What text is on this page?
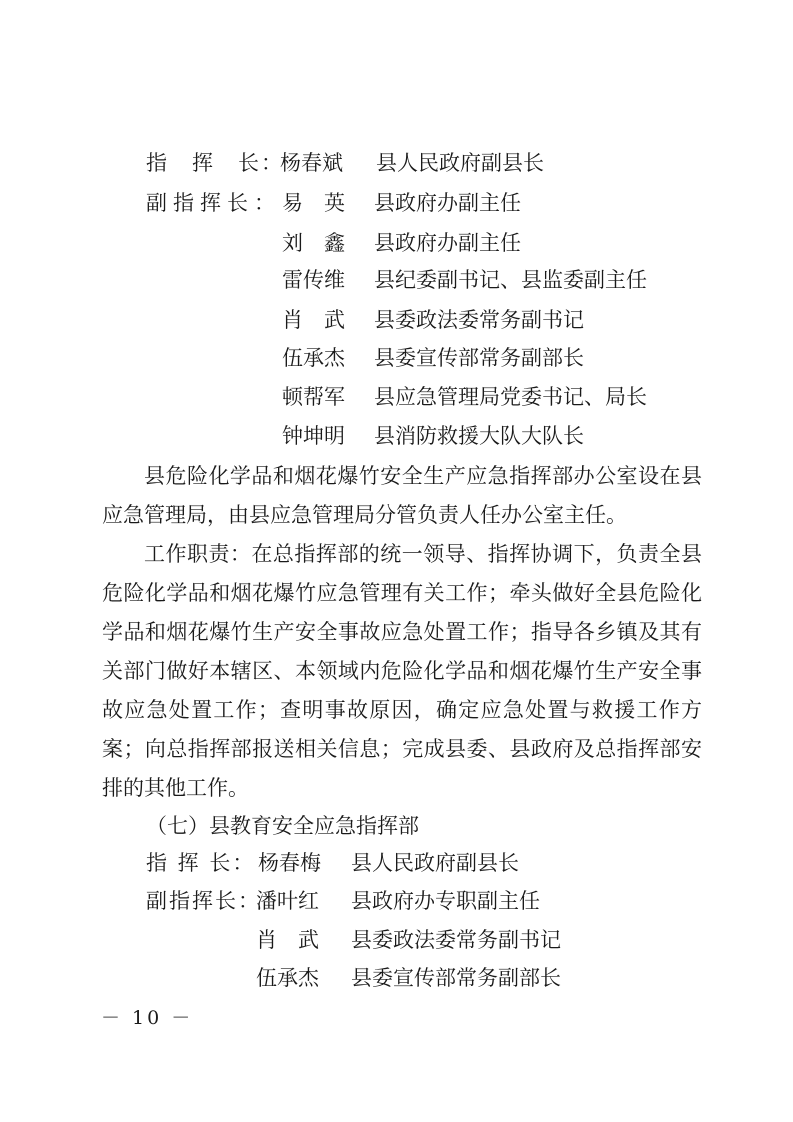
指　挥　长：
杨春斌 县人民政府副县长
副指挥长： 易　英 县政府办副主任
刘　鑫 县政府办副主任
雷传维 县纪委副书记、县监委副主任
肖　武 县委政法委常务副书记
伍承杰 县委宣传部常务副部长
顿帮军 县应急管理局党委书记、局长
钟坤明 县消防救援大队大队长
县危险化学品和烟花爆竹安全生产应急指挥部办公室设在县应急管理局，由县应急管理局分管负责人任办公室主任。
工作职责：在总指挥部的统一领导、指挥协调下，负责全县危险化学品和烟花爆竹应急管理有关工作；牵头做好全县危险化学品和烟花爆竹生产安全事故应急处置工作；指导各乡镇及其有关部门做好本辖区、本领域内危险化学品和烟花爆竹生产安全事故应急处置工作；查明事故原因，确定应急处置与救援工作方案；向总指挥部报送相关信息；完成县委、县政府及总指挥部安排的其他工作。
（七）县教育安全应急指挥部
指 挥 长： 杨春梅 县人民政府副县长
副指挥长：
潘叶红 县政府办专职副主任
肖　武 县委政法委常务副书记
伍承杰 县委宣传部常务副部长
－ 10 －
